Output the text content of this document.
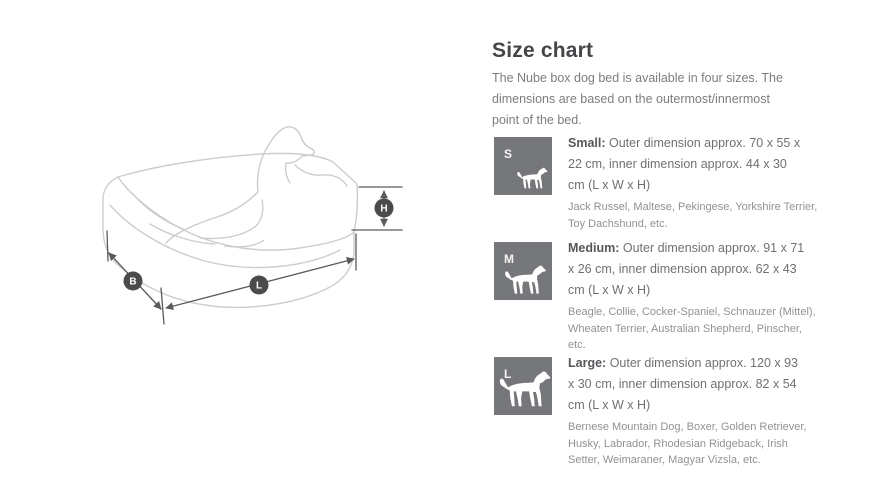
H
B	L
Size chart

The Nube box dog bed is available in four sizes. The dimensions are based on the outermost/innermost point of the bed.

S

Small: Outer dimension approx. 70 x 55 x 22 cm, inner dimension approx. 44 x 30 cm (L x W x H)

Jack Russel, Maltese, Pekingese, Yorkshire Terrier, Toy Dachshund, etc.

M

Medium: Outer dimension approx. 91 x 71 x 26 cm, inner dimension approx. 62 x 43 cm (L x W x H)

Beagle, Collie, Cocker-Spaniel, Schnauzer (Mittel), Wheaten Terrier, Australian Shepherd, Pinscher, etc.

L

Large: Outer dimension approx. 120 x 93 x 30 cm, inner dimension approx. 82 x 54 cm (L x W x H)

Bernese Mountain Dog, Boxer, Golden Retriever, Husky, Labrador, Rhodesian Ridgeback, Irish Setter, Weimaraner, Magyar Vizsla, etc.
